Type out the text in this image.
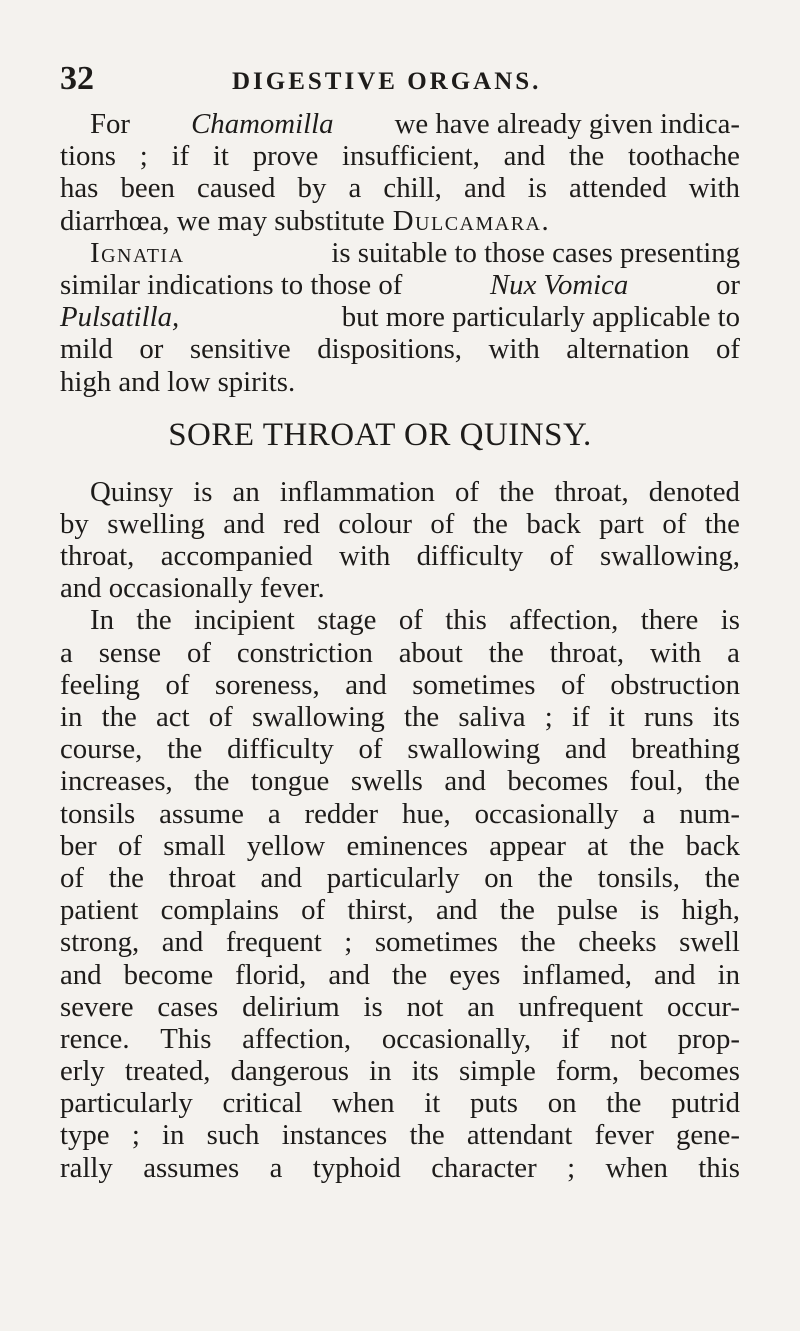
32	DIGESTIVE ORGANS.
For Chamomilla we have already given indica-
tions ; if it prove insufficient, and the toothache
has been caused by a chill, and is attended with
diarrhœa, we may substitute Dulcamara.
Ignatia	is suitable to those cases presenting
similar indications to those of	Nux Vomica	or
Pulsatilla,	but more particularly applicable to
mild or sensitive dispositions, with alternation of
high and low spirits.
SORE THROAT OR QUINSY.
Quinsy is an inflammation of the throat, denoted
by swelling and red colour of the back part of the
throat, accompanied with difficulty of swallowing,
and occasionally fever.
In the incipient stage of this affection, there is
a sense of constriction about the throat, with a
feeling of soreness, and sometimes of obstruction
in the act of swallowing the saliva ; if it runs its
course, the difficulty of swallowing and breathing
increases, the tongue swells and becomes foul, the
tonsils assume a redder hue, occasionally a num-
ber of small yellow eminences appear at the back
of the throat and particularly on the tonsils, the
patient complains of thirst, and the pulse is high,
strong, and frequent ; sometimes the cheeks swell
and become florid, and the eyes inflamed, and in
severe cases delirium is not an unfrequent occur-
rence. This affection, occasionally, if not prop-
erly treated, dangerous in its simple form, becomes
particularly critical when it puts on the putrid
type ; in such instances the attendant fever gene-
rally assumes a typhoid character ; when this
